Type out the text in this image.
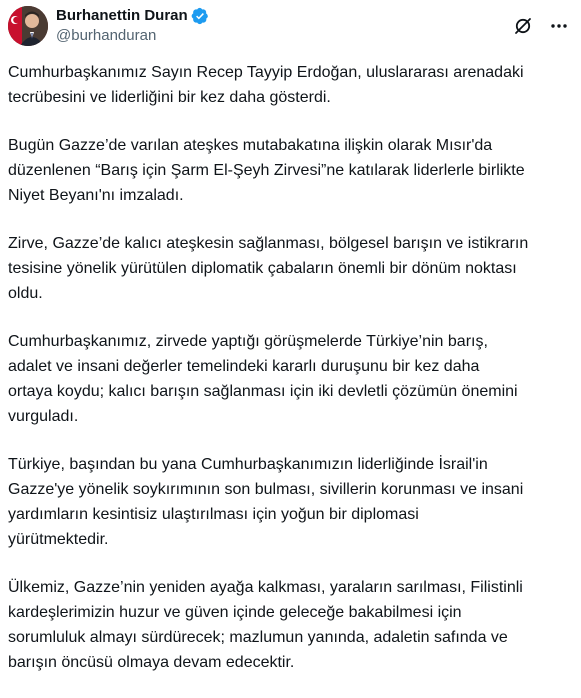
Burhanettin Duran
@burhanduran

Cumhurbaşkanımız Sayın Recep Tayyip Erdoğan, uluslararası arenadaki
tecrübesini ve liderliğini bir kez daha gösterdi.

Bugün Gazze’de varılan ateşkes mutabakatına ilişkin olarak Mısır'da
düzenlenen “Barış için Şarm El-Şeyh Zirvesi”ne katılarak liderlerle birlikte
Niyet Beyanı'nı imzaladı.

Zirve, Gazze’de kalıcı ateşkesin sağlanması, bölgesel barışın ve istikrarın
tesisine yönelik yürütülen diplomatik çabaların önemli bir dönüm noktası
oldu.

Cumhurbaşkanımız, zirvede yaptığı görüşmelerde Türkiye’nin barış,
adalet ve insani değerler temelindeki kararlı duruşunu bir kez daha
ortaya koydu; kalıcı barışın sağlanması için iki devletli çözümün önemini
vurguladı.

Türkiye, başından bu yana Cumhurbaşkanımızın liderliğinde İsrail'in
Gazze'ye yönelik soykırımının son bulması, sivillerin korunması ve insani
yardımların kesintisiz ulaştırılması için yoğun bir diplomasi
yürütmektedir.

Ülkemiz, Gazze’nin yeniden ayağa kalkması, yaraların sarılması, Filistinli
kardeşlerimizin huzur ve güven içinde geleceğe bakabilmesi için
sorumluluk almayı sürdürecek; mazlumun yanında, adaletin safında ve
barışın öncüsü olmaya devam edecektir.
